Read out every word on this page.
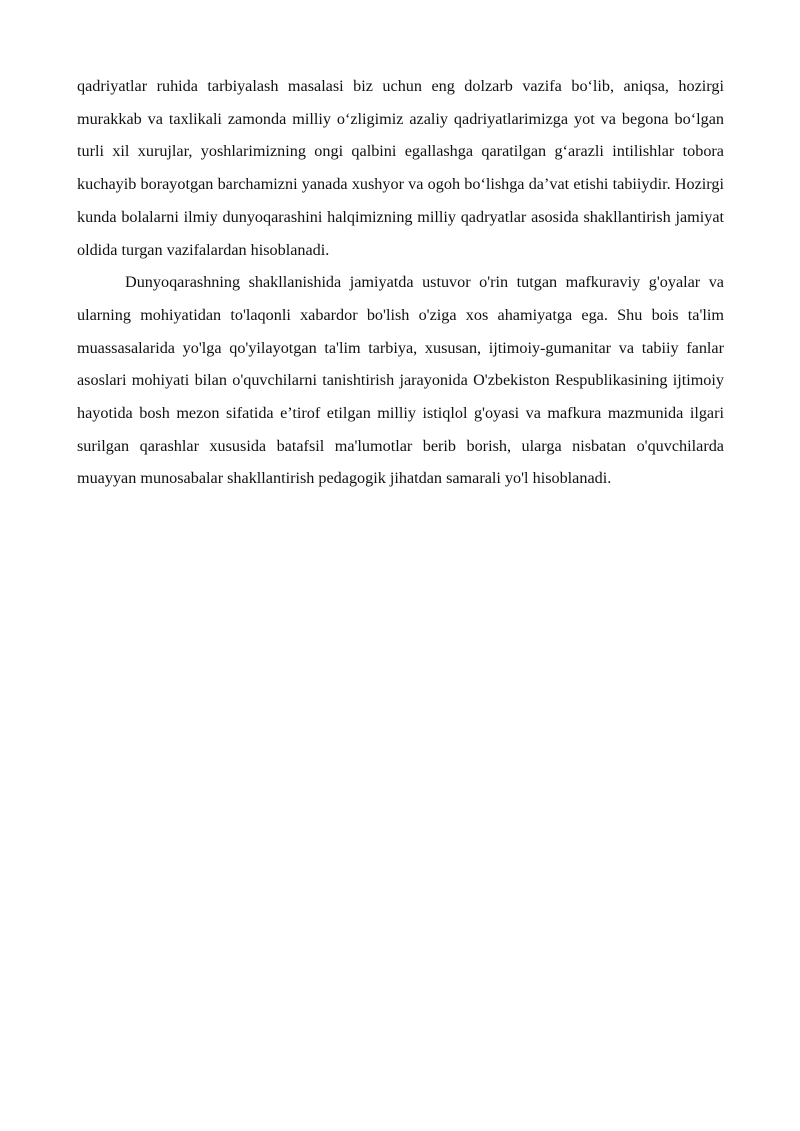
qadriyatlar ruhida tarbiyalash masalasi biz uchun eng dolzarb vazifa bo‘lib, aniqsa, hozirgi murakkab va taxlikali zamonda milliy o‘zligimiz azaliy qadriyatlarimizga yot va begona bo‘lgan turli xil xurujlar, yoshlarimizning ongi qalbini egallashga qaratilgan g‘arazli intilishlar tobora kuchayib borayotgan barchamizni yanada xushyor va ogoh bo‘lishga da’vat etishi tabiiydir. Hozirgi kunda bolalarni ilmiy dunyoqarashini halqimizning milliy qadryatlar asosida shakllantirish jamiyat oldida turgan vazifalardan hisoblanadi.

Dunyoqarashning shakllanishida jamiyatda ustuvor o'rin tutgan mafkuraviy g'oyalar va ularning mohiyatidan to'laqonli xabardor bo'lish o'ziga xos ahamiyatga ega. Shu bois ta'lim muassasalarida yo'lga qo'yilayotgan ta'lim tarbiya, xususan, ijtimoiy-gumanitar va tabiiy fanlar asoslari mohiyati bilan o'quvchilarni tanishtirish jarayonida O'zbekiston Respublikasining ijtimoiy hayotida bosh mezon sifatida e’tirof etilgan milliy istiqlol g'oyasi va mafkura mazmunida ilgari surilgan qarashlar xususida batafsil ma'lumotlar berib borish, ularga nisbatan o'quvchilarda muayyan munosabalar shakllantirish pedagogik jihatdan samarali yo'l hisoblanadi.
